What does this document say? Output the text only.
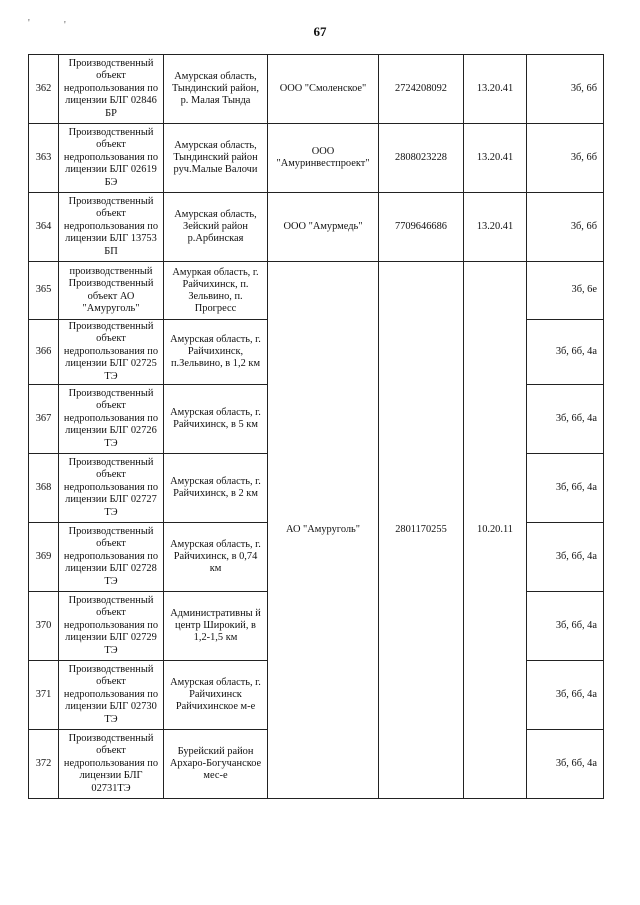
'	'	67
362	Производственный объект недропользования по лицензии БЛГ 02846 БР	Амурская область, Тындинский район, р. Малая Тында	ООО "Смоленское"	2724208092	13.20.41	3б, 6б
363	Производственный объект недропользования по лицензии БЛГ 02619 БЭ	Амурская область, Тындинский район руч.Малые Валочи	ООО "Амуринвестпроект"	2808023228	13.20.41	3б, 6б
364	Производственный объект недропользования по лицензии БЛГ 13753 БП	Амурская область, Зейский район р.Арбинская	ООО "Амурмедь"	7709646686	13.20.41	3б, 6б
365	производственный Производственный объект АО "Амуруголь"	Амуркая область, г. Райчихинск, п. Зельвино, п. Прогресс	АО "Амуруголь"	2801170255	10.20.11	3б, 6е
366	Производственный объект недропользования по лицензии БЛГ 02725 ТЭ	Амурская область, г. Райчихинск, п.Зельвино, в 1,2 км				3б, 6б, 4а
367	Производственный объект недропользования по лицензии БЛГ 02726 ТЭ	Амурская область, г. Райчихинск, в 5 км				3б, 6б, 4а
368	Производственный объект недропользования по лицензии БЛГ 02727 ТЭ	Амурская область, г. Райчихинск, в 2 км				3б, 6б, 4а
369	Производственный объект недропользования по лицензии БЛГ 02728 ТЭ	Амурская область, г. Райчихинск, в 0,74 км				3б, 6б, 4а
370	Производственный объект недропользования по лицензии БЛГ 02729 ТЭ	Административны й центр Широкий, в 1,2-1,5 км				3б, 6б, 4а
371	Производственный объект недропользования по лицензии БЛГ 02730 ТЭ	Амурская область, г. Райчихинск Райчихинское м-е				3б, 6б, 4а
372	Производственный объект недропользования по лицензии БЛГ 02731ТЭ	Бурейский район Архаро-Богучанское мес-е				3б, 6б, 4а
